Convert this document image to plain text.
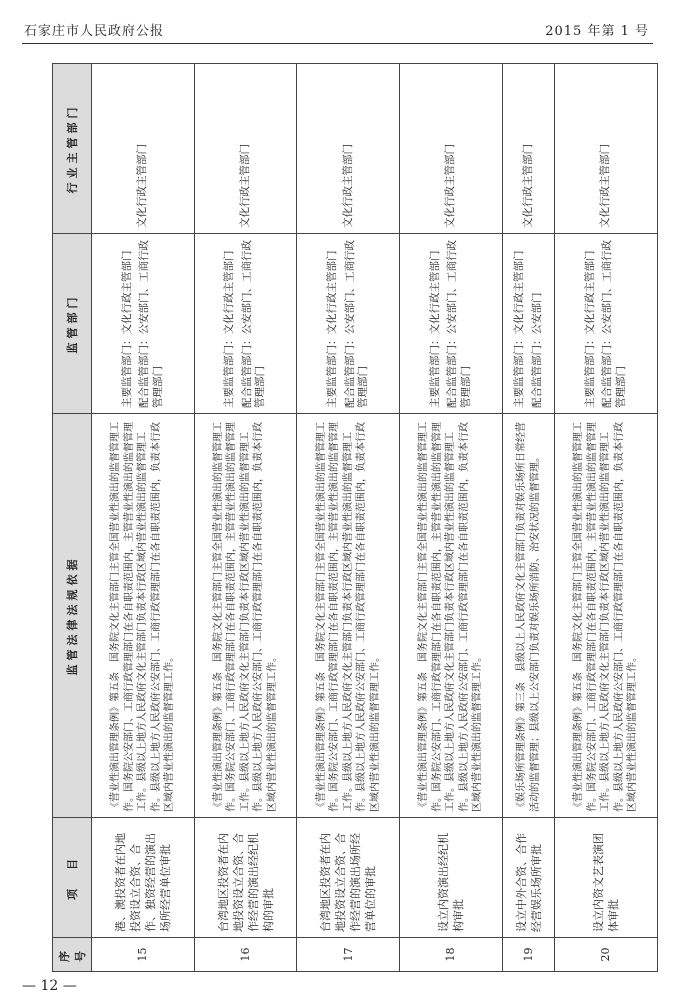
石家庄市人民政府公报	2015 年第 1 号
序号	项　目	监管法律法规依据	监管部门	行业主管部门
15	港、澳投资者在内地投资设立合资、合作、独资经营的演出场所经营单位审批	《营业性演出管理条例》第五条　国务院文化主管部门主管全国营业性演出的监督管理工作。国务院公安部门、工商行政管理部门在各自职责范围内，主管营业性演出的监督管理工作。县级以上地方人民政府文化主管部门负责本行政区域内营业性演出的监督管理工作。县级以上地方人民政府公安部门、工商行政管理部门在各自职责范围内，负责本行政区域内营业性演出的监督管理工作。	主要监管部门：文化行政主管部门 配合监管部门：公安部门、工商行政管理部门	文化行政主管部门
16	台湾地区投资者在内地投资设立合资、合作经营的演出经纪机构的审批	《营业性演出管理条例》第五条　国务院文化主管部门主管全国营业性演出的监督管理工作。国务院公安部门、工商行政管理部门在各自职责范围内，主管营业性演出的监督管理工作。县级以上地方人民政府文化主管部门负责本行政区域内营业性演出的监督管理工作。县级以上地方人民政府公安部门、工商行政管理部门在各自职责范围内，负责本行政区域内营业性演出的监督管理工作。	主要监管部门：文化行政主管部门 配合监管部门：公安部门、工商行政管理部门	文化行政主管部门
17	台湾地区投资者在内地投资设立合资、合作经营的演出场所经营单位的审批	《营业性演出管理条例》第五条　国务院文化主管部门主管全国营业性演出的监督管理工作。国务院公安部门、工商行政管理部门在各自职责范围内，主管营业性演出的监督管理工作。县级以上地方人民政府文化主管部门负责本行政区域内营业性演出的监督管理工作。县级以上地方人民政府公安部门、工商行政管理部门在各自职责范围内，负责本行政区域内营业性演出的监督管理工作。	主要监管部门：文化行政主管部门 配合监管部门：公安部门、工商行政管理部门	文化行政主管部门
18	设立内资演出经纪机构审批	《营业性演出管理条例》第五条　国务院文化主管部门主管全国营业性演出的监督管理工作。国务院公安部门、工商行政管理部门在各自职责范围内，主管营业性演出的监督管理工作。县级以上地方人民政府文化主管部门负责本行政区域内营业性演出的监督管理工作。县级以上地方人民政府公安部门、工商行政管理部门在各自职责范围内，负责本行政区域内营业性演出的监督管理工作。	主要监管部门：文化行政主管部门 配合监管部门：公安部门、工商行政管理部门	文化行政主管部门
19	设立中外合资、合作经营娱乐场所审批	《娱乐场所管理条例》第三条　县级以上人民政府文化主管部门负责对娱乐场所日常经营活动的监督管理；县级以上公安部门负责对娱乐场所消防、治安状况的监督管理。	主要监管部门：文化行政主管部门 配合监管部门：公安部门	文化行政主管部门
20	设立内资文艺表演团体审批	《营业性演出管理条例》第五条　国务院文化主管部门主管全国营业性演出的监督管理工作。国务院公安部门、工商行政管理部门在各自职责范围内，主管营业性演出的监督管理工作。县级以上地方人民政府文化主管部门负责本行政区域内营业性演出的监督管理工作。县级以上地方人民政府公安部门、工商行政管理部门在各自职责范围内，负责本行政区域内营业性演出的监督管理工作。	主要监管部门：文化行政主管部门 配合监管部门：公安部门、工商行政管理部门	文化行政主管部门
— 12 —
